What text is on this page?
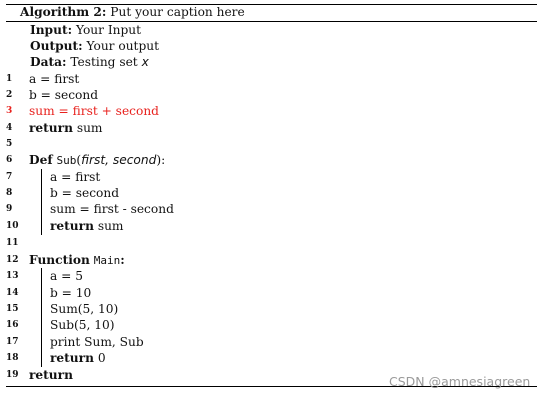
Algorithm 2: Put your caption here
Input: Your Input
Output: Your output
Data: Testing set x
1	a = first
2	b = second
3	sum = first + second
4	return sum
5
6	Def Sub(first, second):
7	a = first
8	b = second
9	sum = first - second
10	return sum
11
12 Function Main:
13	a = 5
14	b = 10
15	Sum(5, 10)
16	Sub(5, 10)
17	print Sum, Sub
18	return 0
19 return	CSDN @amnesiagreen
